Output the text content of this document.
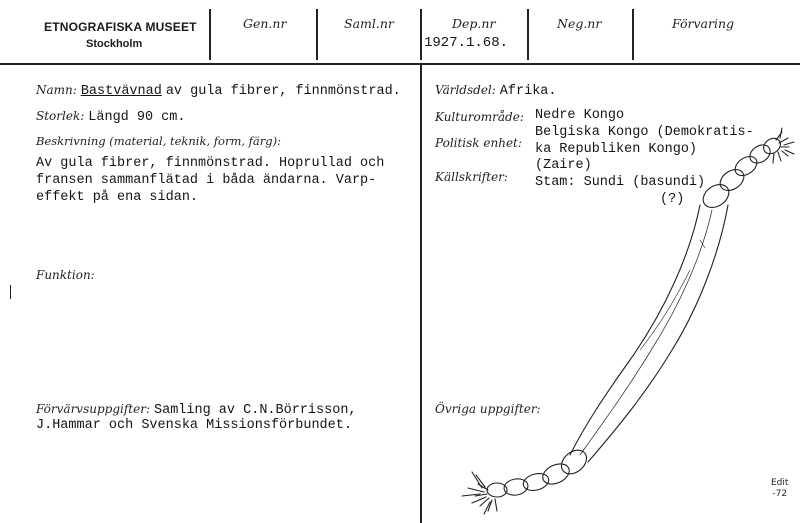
ETNOGRAFISKA MUSEET
Stockholm
Gen.nr	Saml.nr	Dep.nr
1927.1.68.
Neg.nr	Förvaring
Namn: Bastvävnad av gula fibrer, finnmönstrad.
Storlek: Längd 90 cm.
Beskrivning (material, teknik, form, färg):
Av gula fibrer, finnmönstrad. Hoprullad och
fransen sammanflätad i båda ändarna. Varp-
effekt på ena sidan.
Funktion:
Förvärvsuppgifter: Samling av C.N.Börrisson,
J.Hammar och Svenska Missionsförbundet.
Världsdel: Afrika.
Kulturområde: Nedre Kongo
Politisk enhet:
Belgiska Kongo (Demokratis-
ka Republiken Kongo)
(Zaire)
Källskrifter: Stam: Sundi (basundi)
(?)
Övriga uppgifter:
Edit
-72
